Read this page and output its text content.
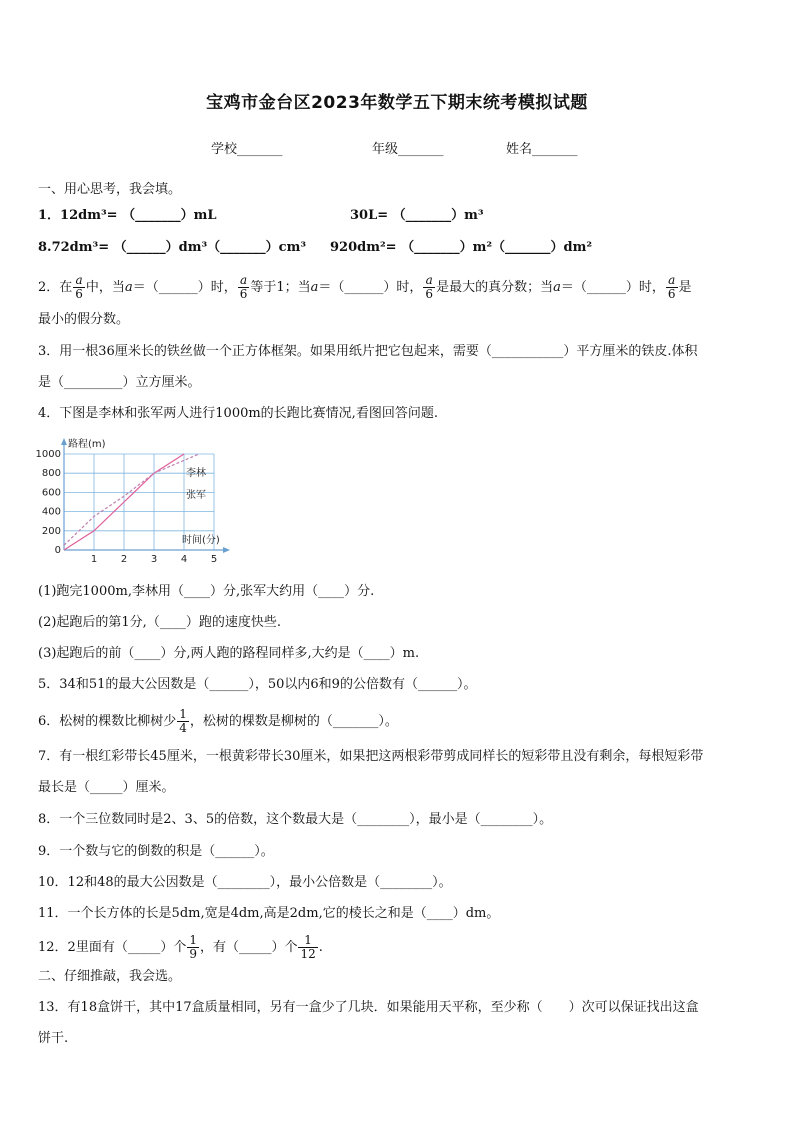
宝鸡市金台区2023年数学五下期末统考模拟试题
学校_______	年级_______	姓名_______
一、用心思考，我会填。
1．12dm³= （_______）mL	30L= （_______）m³
8.72dm³= （______）dm³（_______）cm³ 920dm²= （_______）m²（_______）dm²
2．在 $\frac{a}{6}$ 中，当a＝（______）时， $\frac{a}{6}$ 等于1；当a＝（______）时， $\frac{a}{6}$ 是最大的真分数；当a＝（______）时， $\frac{a}{6}$ 是
最小的假分数。
3．用一根36厘米长的铁丝做一个正方体框架。如果用纸片把它包起来，需要（___________）平方厘米的铁皮.体积
是（_________）立方厘米。
4．下图是李林和张军两人进行1000m的长跑比赛情况,看图回答问题.
1 2 3 4 5
0
200
400
600
800
1000
李林
张军
路程(m)
时间(分)
(1)跑完1000m,李林用（____）分,张军大约用（____）分.
(2)起跑后的第1分,（____）跑的速度快些.
(3)起跑后的前（____）分,两人跑的路程同样多,大约是（____）m.
5．34和51的最大公因数是（______），50以内6和9的公倍数有（______）。
6．松树的棵数比柳树少 $\frac{1}{4}$ ，松树的棵数是柳树的（_______）。
7．有一根红彩带长45厘米，一根黄彩带长30厘米，如果把这两根彩带剪成同样长的短彩带且没有剩余，每根短彩带
最长是（_____）厘米。
8．一个三位数同时是2、3、5的倍数，这个数最大是（________），最小是（________）。
9．一个数与它的倒数的积是（______）。
10．12和48的最大公因数是（________），最小公倍数是（________）。
11．一个长方体的长是5dm,宽是4dm,高是2dm,它的棱长之和是（____）dm。
12．2里面有（_____）个 $\frac{1}{9}$ ，有（_____）个 $\frac{1}{12}$ .
二、仔细推敲，我会选。
13．有18盒饼干，其中17盒质量相同，另有一盒少了几块．如果能用天平称，至少称（　　）次可以保证找出这盒
饼干.
